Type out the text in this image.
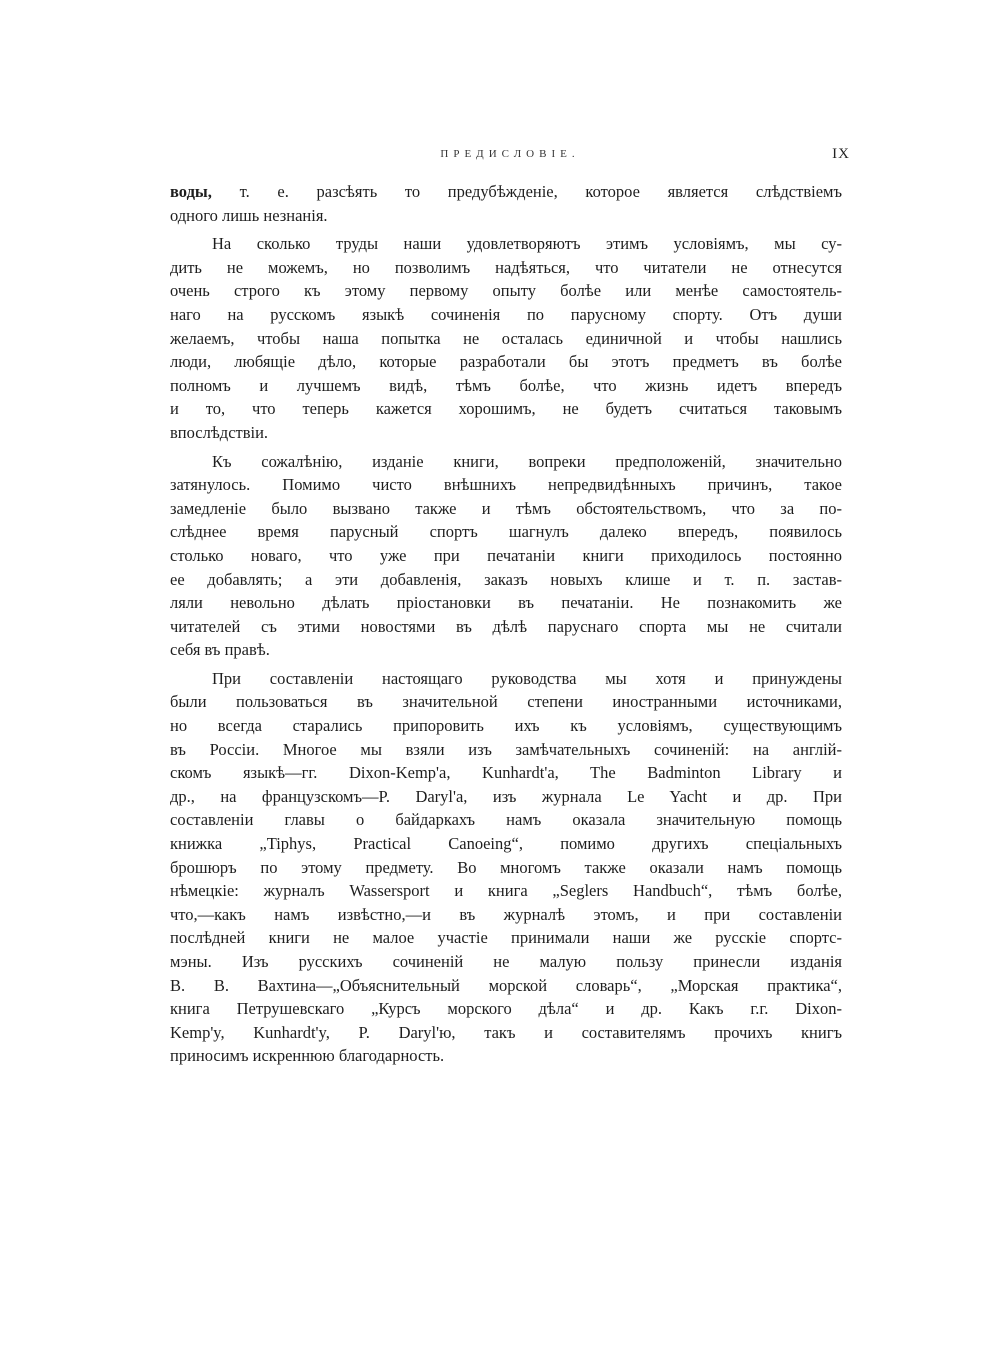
ПРЕДИСЛОВІЕ.	IX
воды, т. е. разсѣять то предубѣжденіе, которое является слѣдствіемъ
одного лишь незнанія.
На сколько труды наши удовлетворяютъ этимъ условіямъ, мы су-
дить не можемъ, но позволимъ надѣяться, что читатели не отнесутся
очень строго къ этому первому опыту болѣе или менѣе самостоятель-
наго на русскомъ языкѣ сочиненія по парусному спорту. Отъ души
желаемъ, чтобы наша попытка не осталась единичной и чтобы нашлись
люди, любящіе дѣло, которые разработали бы этотъ предметъ въ болѣе
полномъ и лучшемъ видѣ, тѣмъ болѣе, что жизнь идетъ впередъ
и то, что теперь кажется хорошимъ, не будетъ считаться таковымъ
впослѣдствіи.
Къ сожалѣнію, изданіе книги, вопреки предположеній, значительно
затянулось. Помимо чисто внѣшнихъ непредвидѣнныхъ причинъ, такое
замедленіе было вызвано также и тѣмъ обстоятельствомъ, что за по-
слѣднее время парусный спортъ шагнулъ далеко впередъ, появилось
столько новаго, что уже при печатаніи книги приходилось постоянно
ее добавлять; а эти добавленія, заказъ новыхъ клише и т. п. застав-
ляли невольно дѣлать пріостановки въ печатаніи. Не познакомить же
читателей съ этими новостями въ дѣлѣ паруснаго спорта мы не считали
себя въ правѣ.
При составленіи настоящаго руководства мы хотя и принуждены
были пользоваться въ значительной степени иностранными источниками,
но всегда старались припоровить ихъ къ условіямъ, существующимъ
въ Россіи. Многое мы взяли изъ замѣчательныхъ сочиненій: на англій-
скомъ языкѣ—гг. Dixon-Kemp'a, Kunhardt'a, The Badminton Library и
др., на французскомъ—P. Daryl'a, изъ журнала Le Yacht и др. При
составленіи главы о байдаркахъ намъ оказала значительную помощь
книжка „Tiphys, Practical Canoeing“, помимо другихъ спеціальныхъ
брошюръ по этому предмету. Во многомъ также оказали намъ помощь
нѣмецкіе: журналъ Wassersport и книга „Seglers Handbuch“, тѣмъ болѣе,
что,—какъ намъ извѣстно,—и въ журналѣ этомъ, и при составленіи
послѣдней книги не малое участіе принимали наши же русскіе спортс-
мэны. Изъ русскихъ сочиненій не малую пользу принесли изданія
В. В. Вахтина—„Объяснительный морской словарь“, „Морская практика“,
книга Петрушевскаго „Курсъ морского дѣла“ и др. Какъ г.г. Dixon-
Kemp'y, Kunhardt'y, P. Daryl'ю, такъ и составителямъ прочихъ книгъ
приносимъ искреннюю благодарность.
